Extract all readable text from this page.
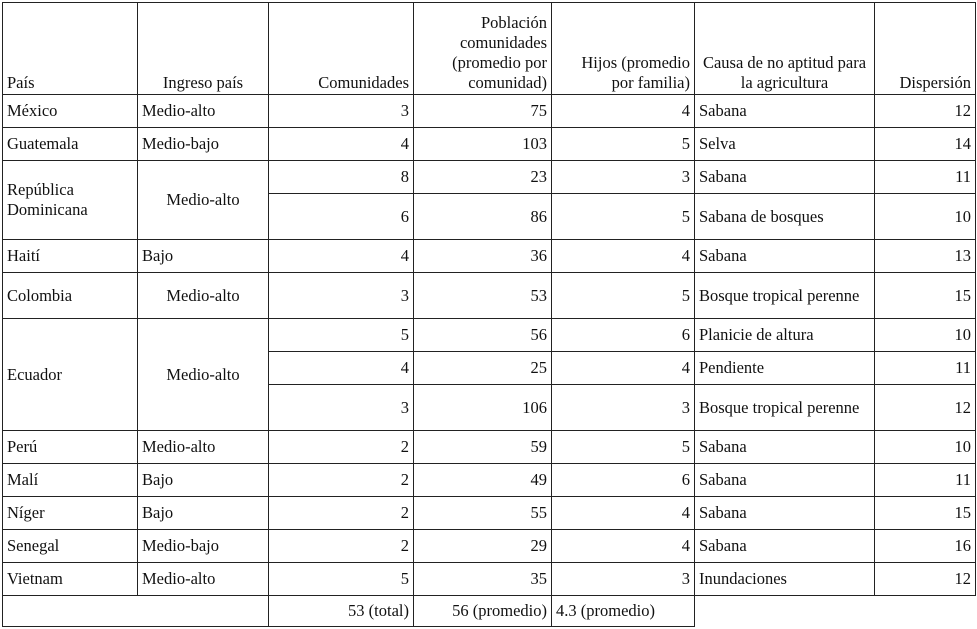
País	Ingreso país	Comunidades	Población comunidades (promedio por comunidad)	Hijos (promedio por familia)	Causa de no aptitud para la agricultura	Dispersión
México	Medio-alto	3	75	4	Sabana	12
Guatemala	Medio-bajo	4	103	5	Selva	14
República Dominicana	Medio-alto	8	23	3	Sabana	11
		6	86	5	Sabana de bosques	10
Haití	Bajo	4	36	4	Sabana	13
Colombia	Medio-alto	3	53	5	Bosque tropical perenne	15
Ecuador	Medio-alto	5	56	6	Planicie de altura	10
		4	25	4	Pendiente	11
		3	106	3	Bosque tropical perenne	12
Perú	Medio-alto	2	59	5	Sabana	10
Malí	Bajo	2	49	6	Sabana	11
Níger	Bajo	2	55	4	Sabana	15
Senegal	Medio-bajo	2	29	4	Sabana	16
Vietnam	Medio-alto	5	35	3	Inundaciones	12
		53 (total)	56 (promedio)	4.3 (promedio)		
